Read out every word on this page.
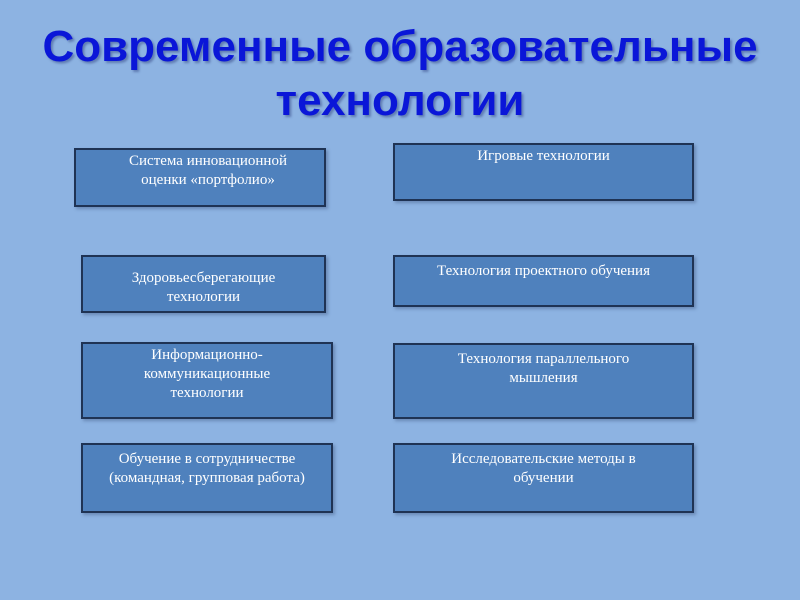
Современные образовательные
технологии
Система инновационной
оценки «портфолио»
Игровые технологии
Здоровьесберегающие
технологии
Технология проектного обучения
Информационно-
коммуникационные
технологии
Технология параллельного
мышления
Обучение в сотрудничестве
(командная, групповая работа)
Исследовательские методы в
обучении
